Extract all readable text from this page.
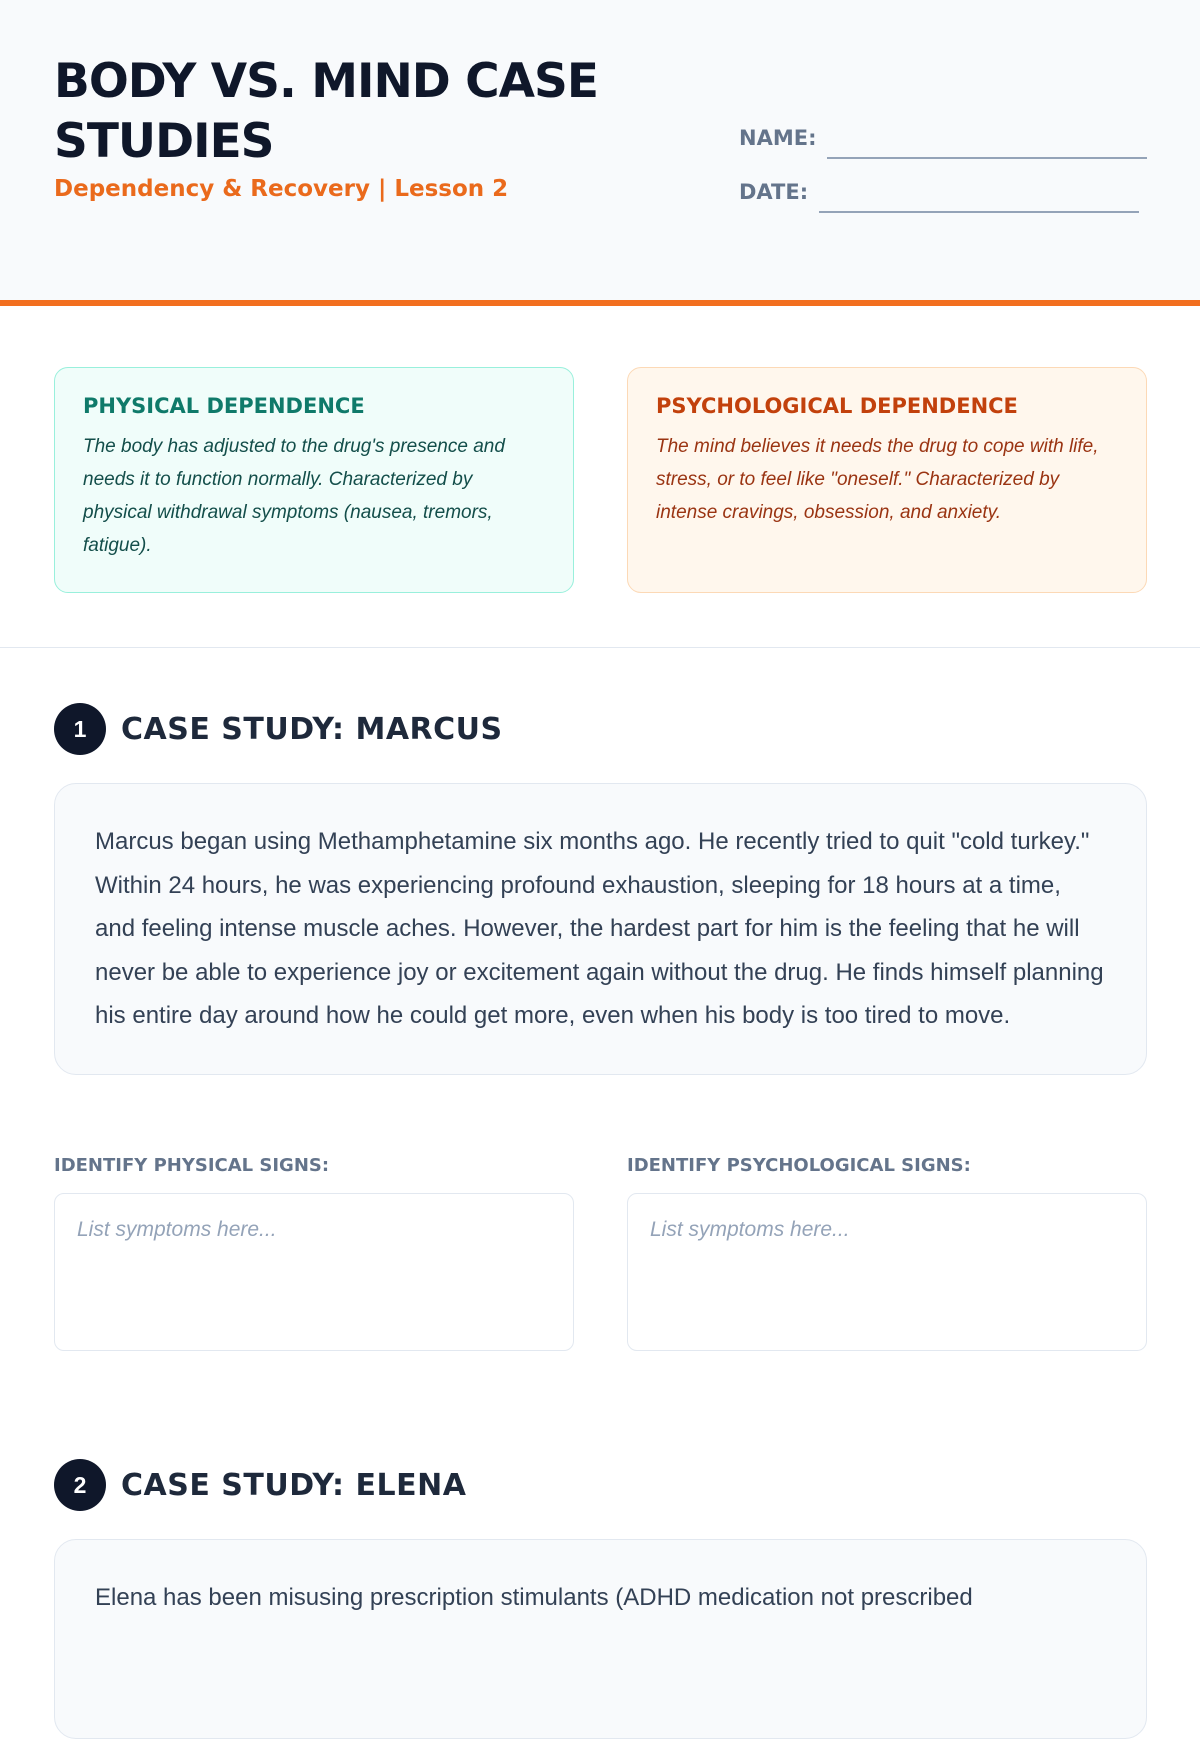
BODY VS. MIND CASE STUDIES
Dependency & Recovery | Lesson 2
NAME:
DATE:
PHYSICAL DEPENDENCE
The body has adjusted to the drug's presence and needs it to function normally. Characterized by physical withdrawal symptoms (nausea, tremors, fatigue).
PSYCHOLOGICAL DEPENDENCE
The mind believes it needs the drug to cope with life, stress, or to feel like "oneself." Characterized by intense cravings, obsession, and anxiety.
1	CASE STUDY: MARCUS
Marcus began using Methamphetamine six months ago. He recently tried to quit "cold turkey." Within 24 hours, he was experiencing profound exhaustion, sleeping for 18 hours at a time, and feeling intense muscle aches. However, the hardest part for him is the feeling that he will never be able to experience joy or excitement again without the drug. He finds himself planning his entire day around how he could get more, even when his body is too tired to move.
IDENTIFY PHYSICAL SIGNS:
List symptoms here...	IDENTIFY PSYCHOLOGICAL SIGNS:
List symptoms here...
2	CASE STUDY: ELENA
Elena has been misusing prescription stimulants (ADHD medication not prescribed
